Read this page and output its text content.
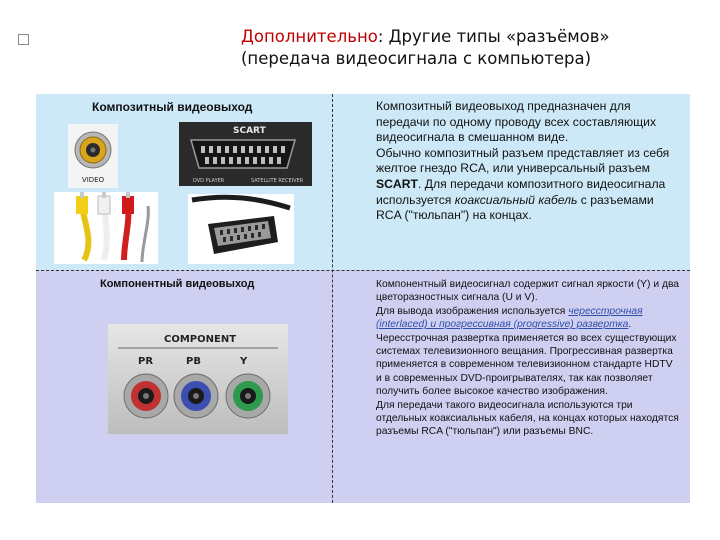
Дополнительно: Другие типы «разъёмов»
(передача видеосигнала с компьютера)
Композитный видеовыход
VIDEO
SCART
DVD PLAYER	SATELLITE RECEIVER

Композитный видеовыход предназначен для передачи по одному проводу всех составляющих видеосигнала в смешанном виде.

Обычно композитный разъем представляет из себя желтое гнездо RCA, или универсальный разъем SCART. Для передачи композитного видеосигнала используется коаксиальный кабель с разъемами RCA ("тюльпан") на концах.

Компонентный видеовыход
COMPONENT
PR	PB	Y

Компонентный видеосигнал содержит сигнал яркости (Y) и два цветоразностных сигнала (U и V).

Для вывода изображения используется чересстрочная (interlaced) и прогрессивная (progressive) развертка. Чересстрочная развертка применяется во всех существующих системах телевизионного вещания. Прогрессивная развертка применяется в современном телевизионном стандарте HDTV и в современных DVD-проигрывателях, так как позволяет получить более высокое качество изображения.

Для передачи такого видеосигнала используются три отдельных коаксиальных кабеля, на концах которых находятся разъемы RCA ("тюльпан") или разъемы BNC.
